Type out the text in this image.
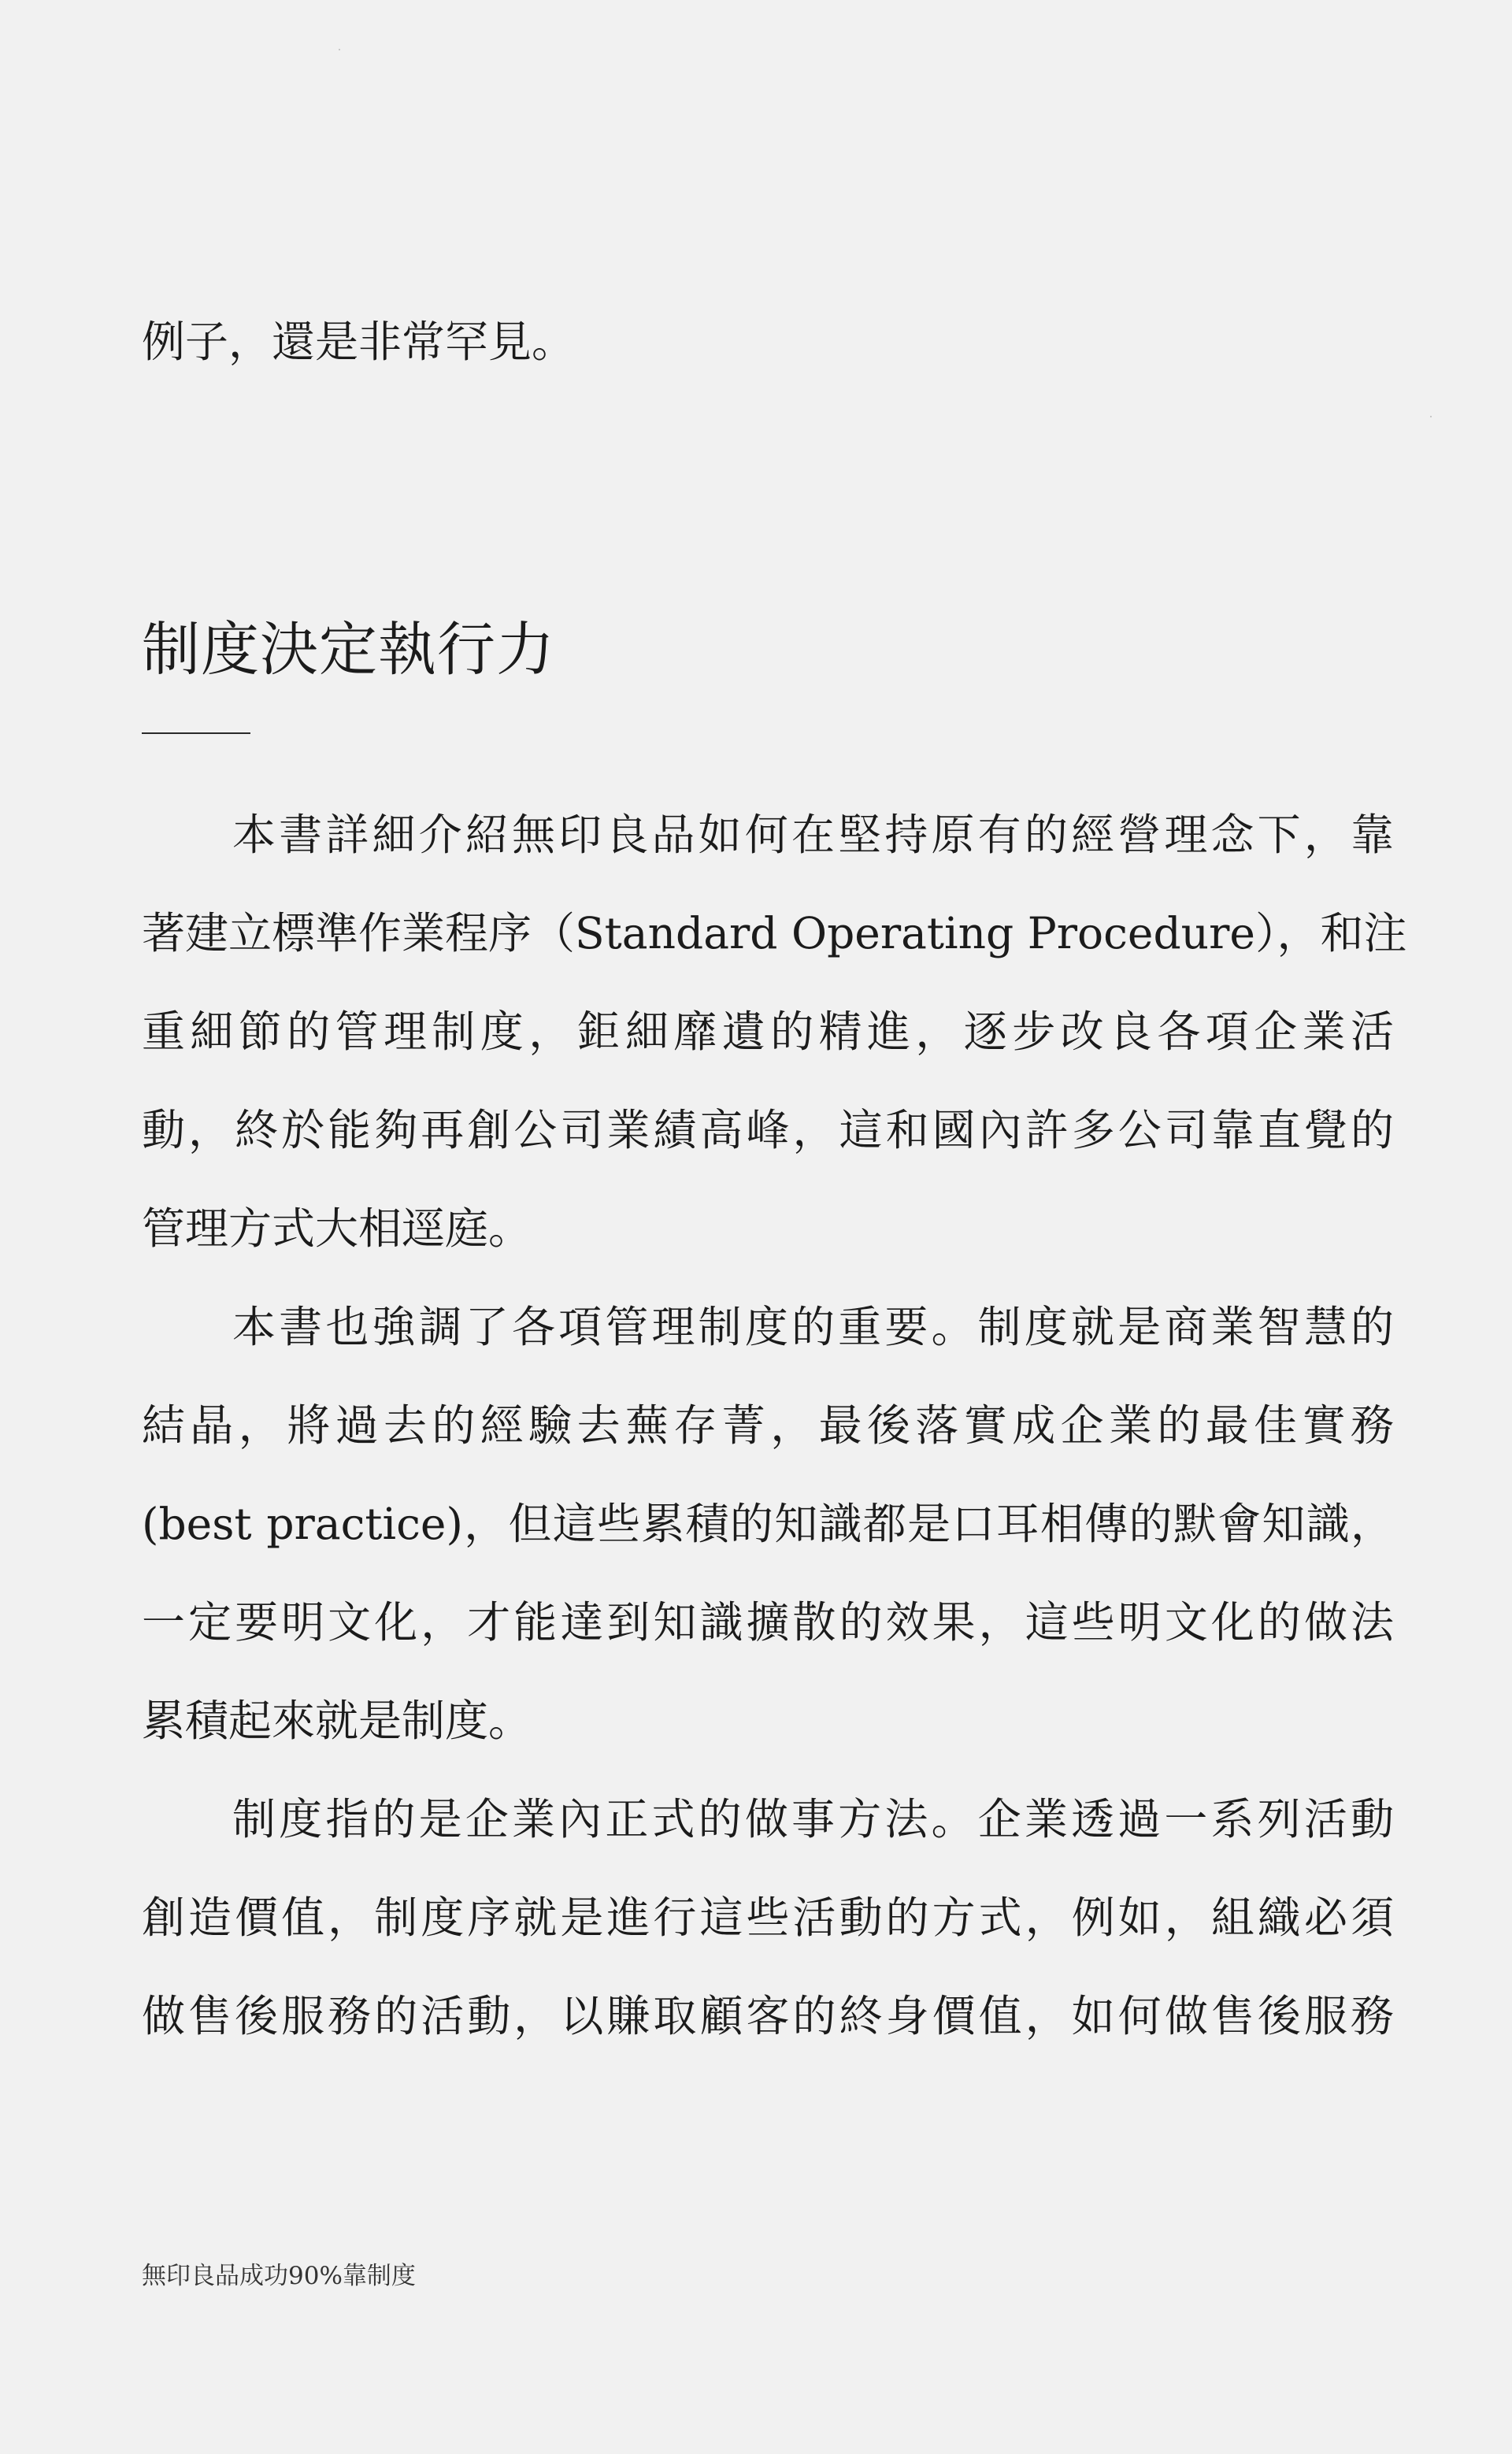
例子，還是非常罕見。
制度決定執行力
本書詳細介紹無印良品如何在堅持原有的經營理念下，靠
著建立標準作業程序（Standard Operating Procedure），和注
重細節的管理制度，鉅細靡遺的精進，逐步改良各項企業活
動，終於能夠再創公司業績高峰，這和國內許多公司靠直覺的
管理方式大相逕庭。
本書也強調了各項管理制度的重要。制度就是商業智慧的
結晶，將過去的經驗去蕪存菁，最後落實成企業的最佳實務
(best practice)，但這些累積的知識都是口耳相傳的默會知識，
一定要明文化，才能達到知識擴散的效果，這些明文化的做法
累積起來就是制度。
制度指的是企業內正式的做事方法。企業透過一系列活動
創造價值，制度序就是進行這些活動的方式，例如，組織必須
做售後服務的活動，以賺取顧客的終身價值，如何做售後服務
無印良品成功90%靠制度
